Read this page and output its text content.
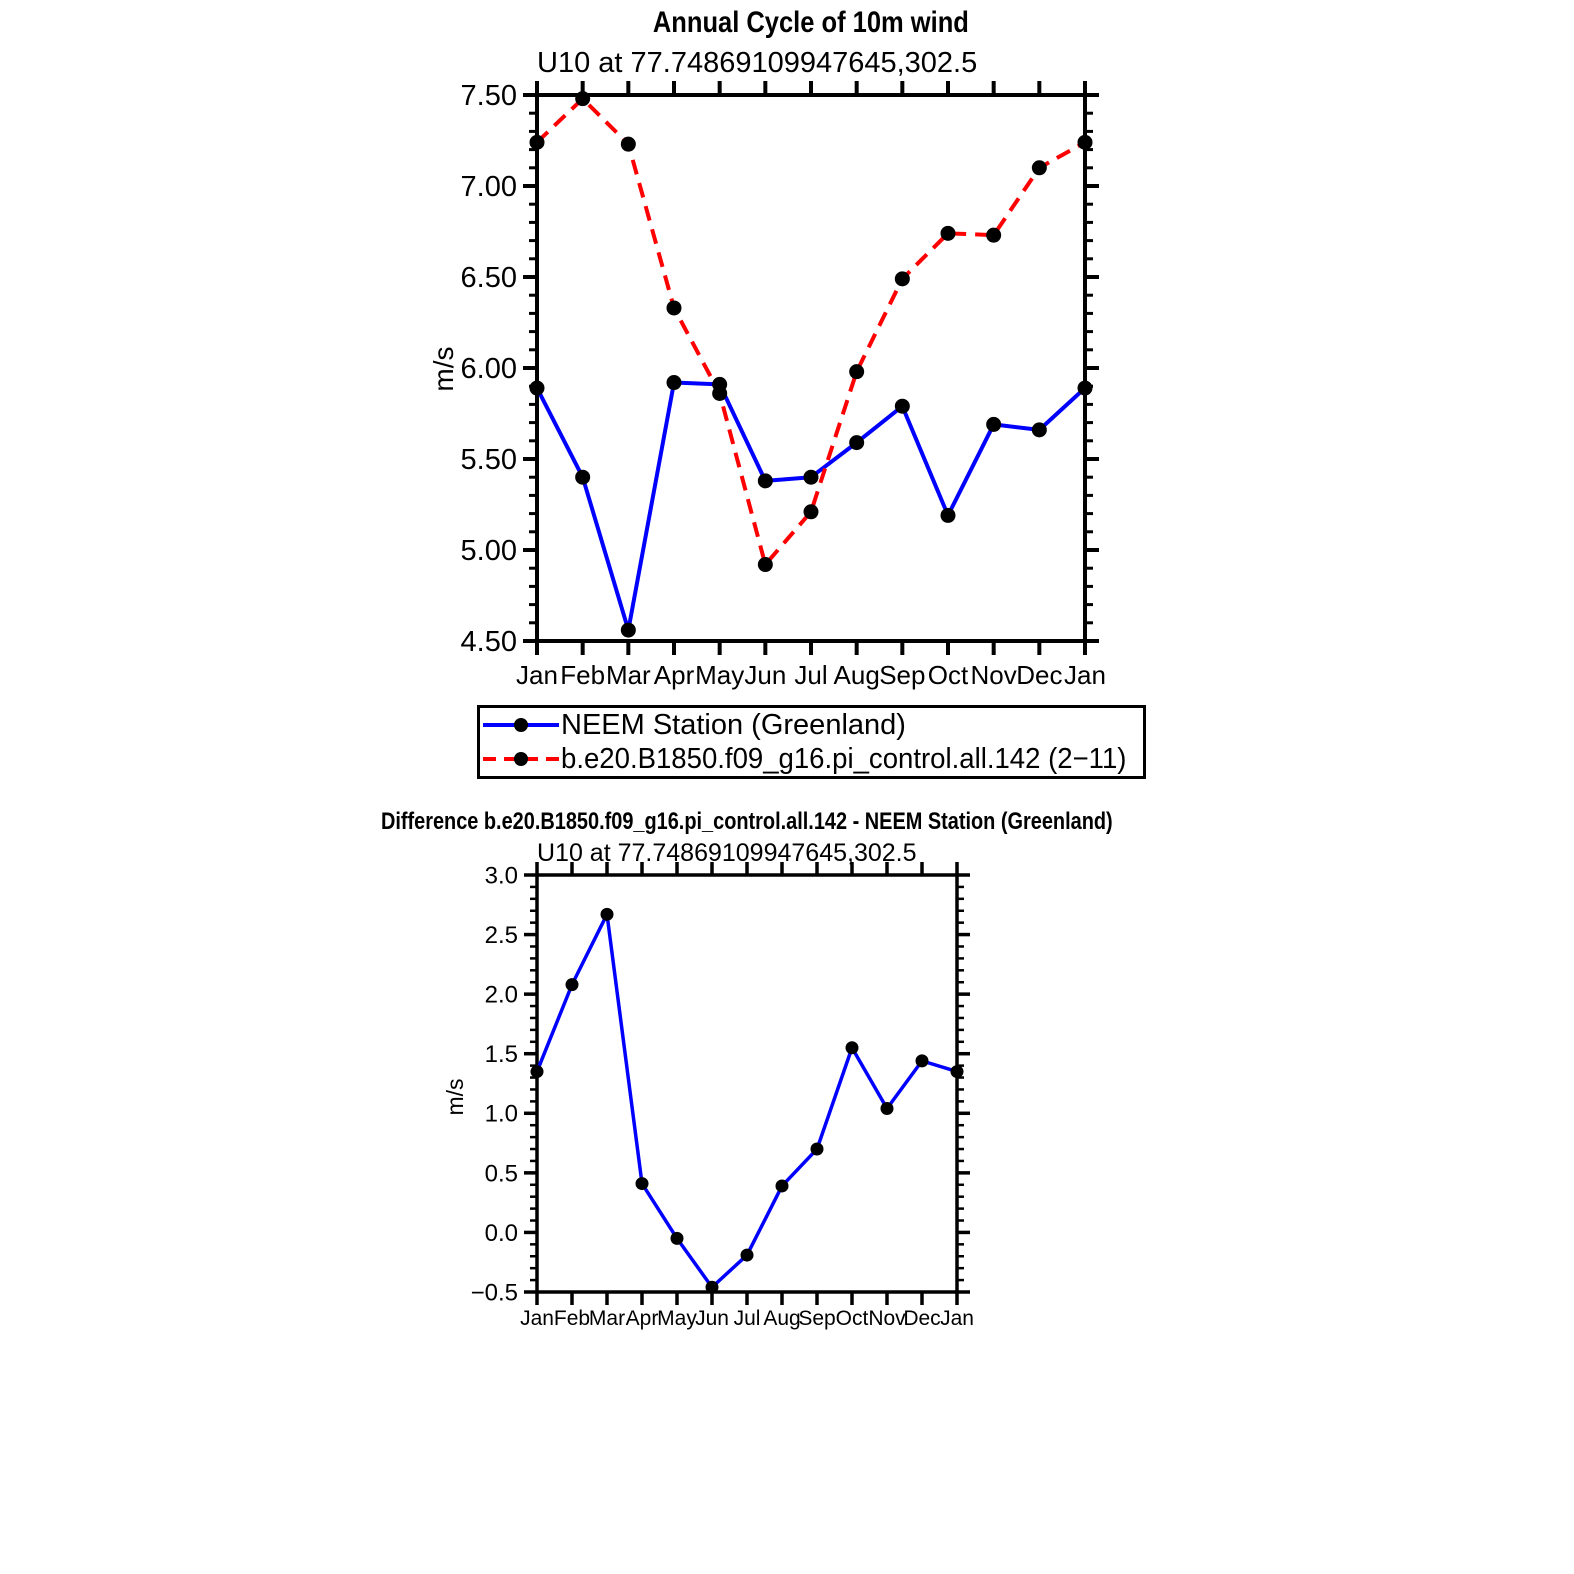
4.50
5.00
5.50
6.00
6.50
7.00
7.50
Jan Feb Mar Apr May Jun Jul Aug Sep Oct Nov Dec Jan
−0.5
0.0
0.5
1.0
1.5
2.0
2.5
3.0
Jan Feb
Mar Apr
May
Jun Jul Aug
Sep Oct Nov
Dec Jan
Annual Cycle of 10m wind
U10 at 77.74869109947645,302.5
m/s
NEEM Station (Greenland)
b.e20.B1850.f09_g16.pi_control.all.142 (2−11)
Difference b.e20.B1850.f09_g16.pi_control.all.142 - NEEM Station (Greenland)
U10 at 77.74869109947645,302.5
m/s
